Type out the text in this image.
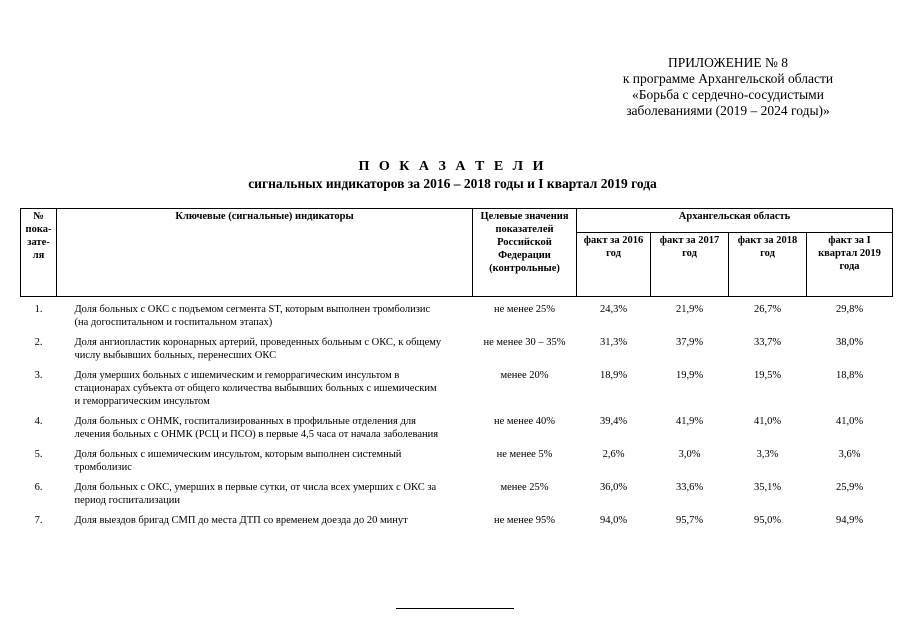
ПРИЛОЖЕНИЕ № 8
к программе Архангельской области
«Борьба с сердечно-сосудистыми
заболеваниями (2019 – 2024 годы)»
П О К А З А Т Е Л И
сигнальных индикаторов за 2016 – 2018 годы и I квартал 2019 года
№ пока-зате-ля	Ключевые (сигнальные) индикаторы	Целевые значения показателей Российской Федерации (контрольные)	Архангельская область			
			факт за 2016 год	факт за 2017 год	факт за 2018 год	факт за I квартал 2019 года

1.	Доля больных с ОКС с подъемом сегмента ST, которым выполнен тромболизис (на догоспитальном и госпитальном этапах)	не менее 25%	24,3%	21,9%	26,7%	29,8%
2.	Доля ангиопластик коронарных артерий, проведенных больным с ОКС, к общему числу выбывших больных, перенесших ОКС	не менее 30 – 35%	31,3%	37,9%	33,7%	38,0%
3.	Доля умерших больных с ишемическим и геморрагическим инсультом в стационарах субъекта от общего количества выбывших больных с ишемическим и геморрагическим инсультом	менее 20%	18,9%	19,9%	19,5%	18,8%
4.	Доля больных с ОНМК, госпитализированных в профильные отделения для лечения больных с ОНМК (РСЦ и ПСО) в первые 4,5 часа от начала заболевания	не менее 40%	39,4%	41,9%	41,0%	41,0%
5.	Доля больных с ишемическим инсультом, которым выполнен системный тромболизис	не менее 5%	2,6%	3,0%	3,3%	3,6%
6.	Доля больных с ОКС, умерших в первые сутки, от числа всех умерших с ОКС за период госпитализации	менее 25%	36,0%	33,6%	35,1%	25,9%
7.	Доля выездов бригад СМП до места ДТП со временем доезда до 20 минут	не менее 95%	94,0%	95,7%	95,0%	94,9%
